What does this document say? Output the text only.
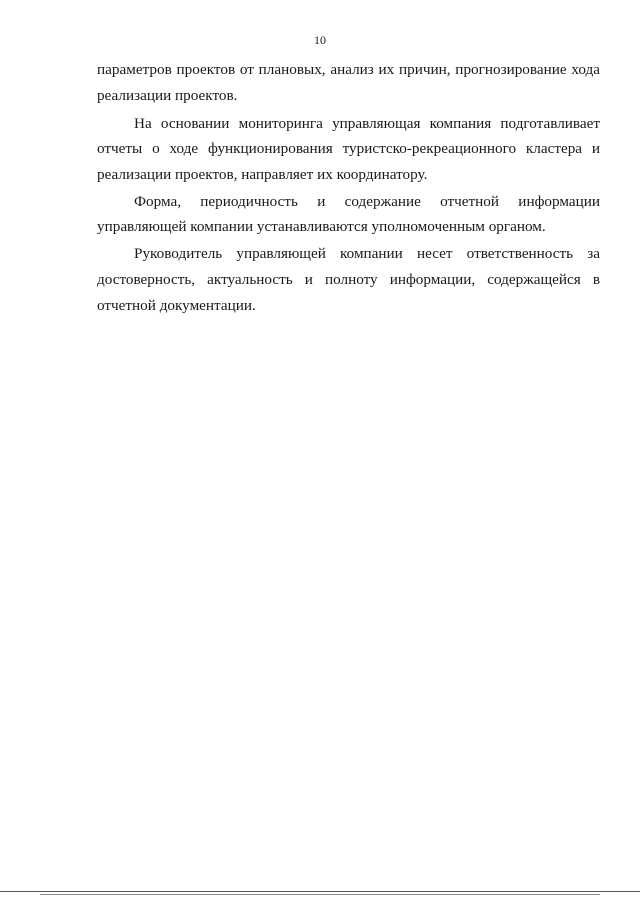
10
параметров проектов от плановых, анализ их причин, прогнозирование хода
реализации проектов.
На основании мониторинга управляющая компания подготавливает
отчеты о ходе функционирования туристско-рекреационного кластера и
реализации проектов, направляет их координатору.
Форма, периодичность и содержание отчетной информации
управляющей компании устанавливаются уполномоченным органом.
Руководитель управляющей компании несет ответственность за
достоверность, актуальность и полноту информации, содержащейся в
отчетной документации.
